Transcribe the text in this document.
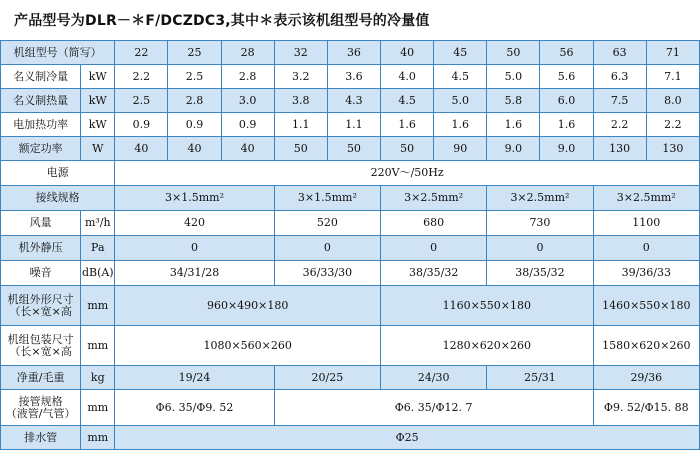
产品型号为DLR－＊F/DCZDC3,其中＊表示该机组型号的冷量值
机组型号（简写）		22	25	28	32	36	40	45	50	56	63	71
名义制冷量	kW	2.2	2.5	2.8	3.2	3.6	4.0	4.5	5.0	5.6	6.3	7.1
名义制热量	kW	2.5	2.8	3.0	3.8	4.3	4.5	5.0	5.8	6.0	7.5	8.0
电加热功率	kW	0.9	0.9	0.9	1.1	1.1	1.6	1.6	1.6	1.6	2.2	2.2
额定功率	W	40	40	40	50	50	50	90	9.0	9.0	130	130
电源		220V～/50Hz										
接线规格		3×1.5mm²			3×1.5mm²		3×2.5mm²		3×2.5mm²		3×2.5mm²	
风量	m³/h	420			520		680		730		1100	
机外静压	Pa	0			0		0		0		0	
噪音	dB(A)	34/31/28			36/33/30		38/35/32		38/35/32		39/36/33	

机组外形尺寸
（长×宽×高	mm	960×490×180					1160×550×180				1460×550×180	

机组包装尺寸
（长×宽×高	mm	1080×560×260					1280×620×260				1580×620×260	
净重/毛重	kg	19/24			20/25		24/30		25/31		29/36	

接管规格
（液管/气管）	mm	Φ6. 35/Φ9. 52			Φ6. 35/Φ12. 7						Φ9. 52/Φ15. 88	
排水管	mm	Φ25										
